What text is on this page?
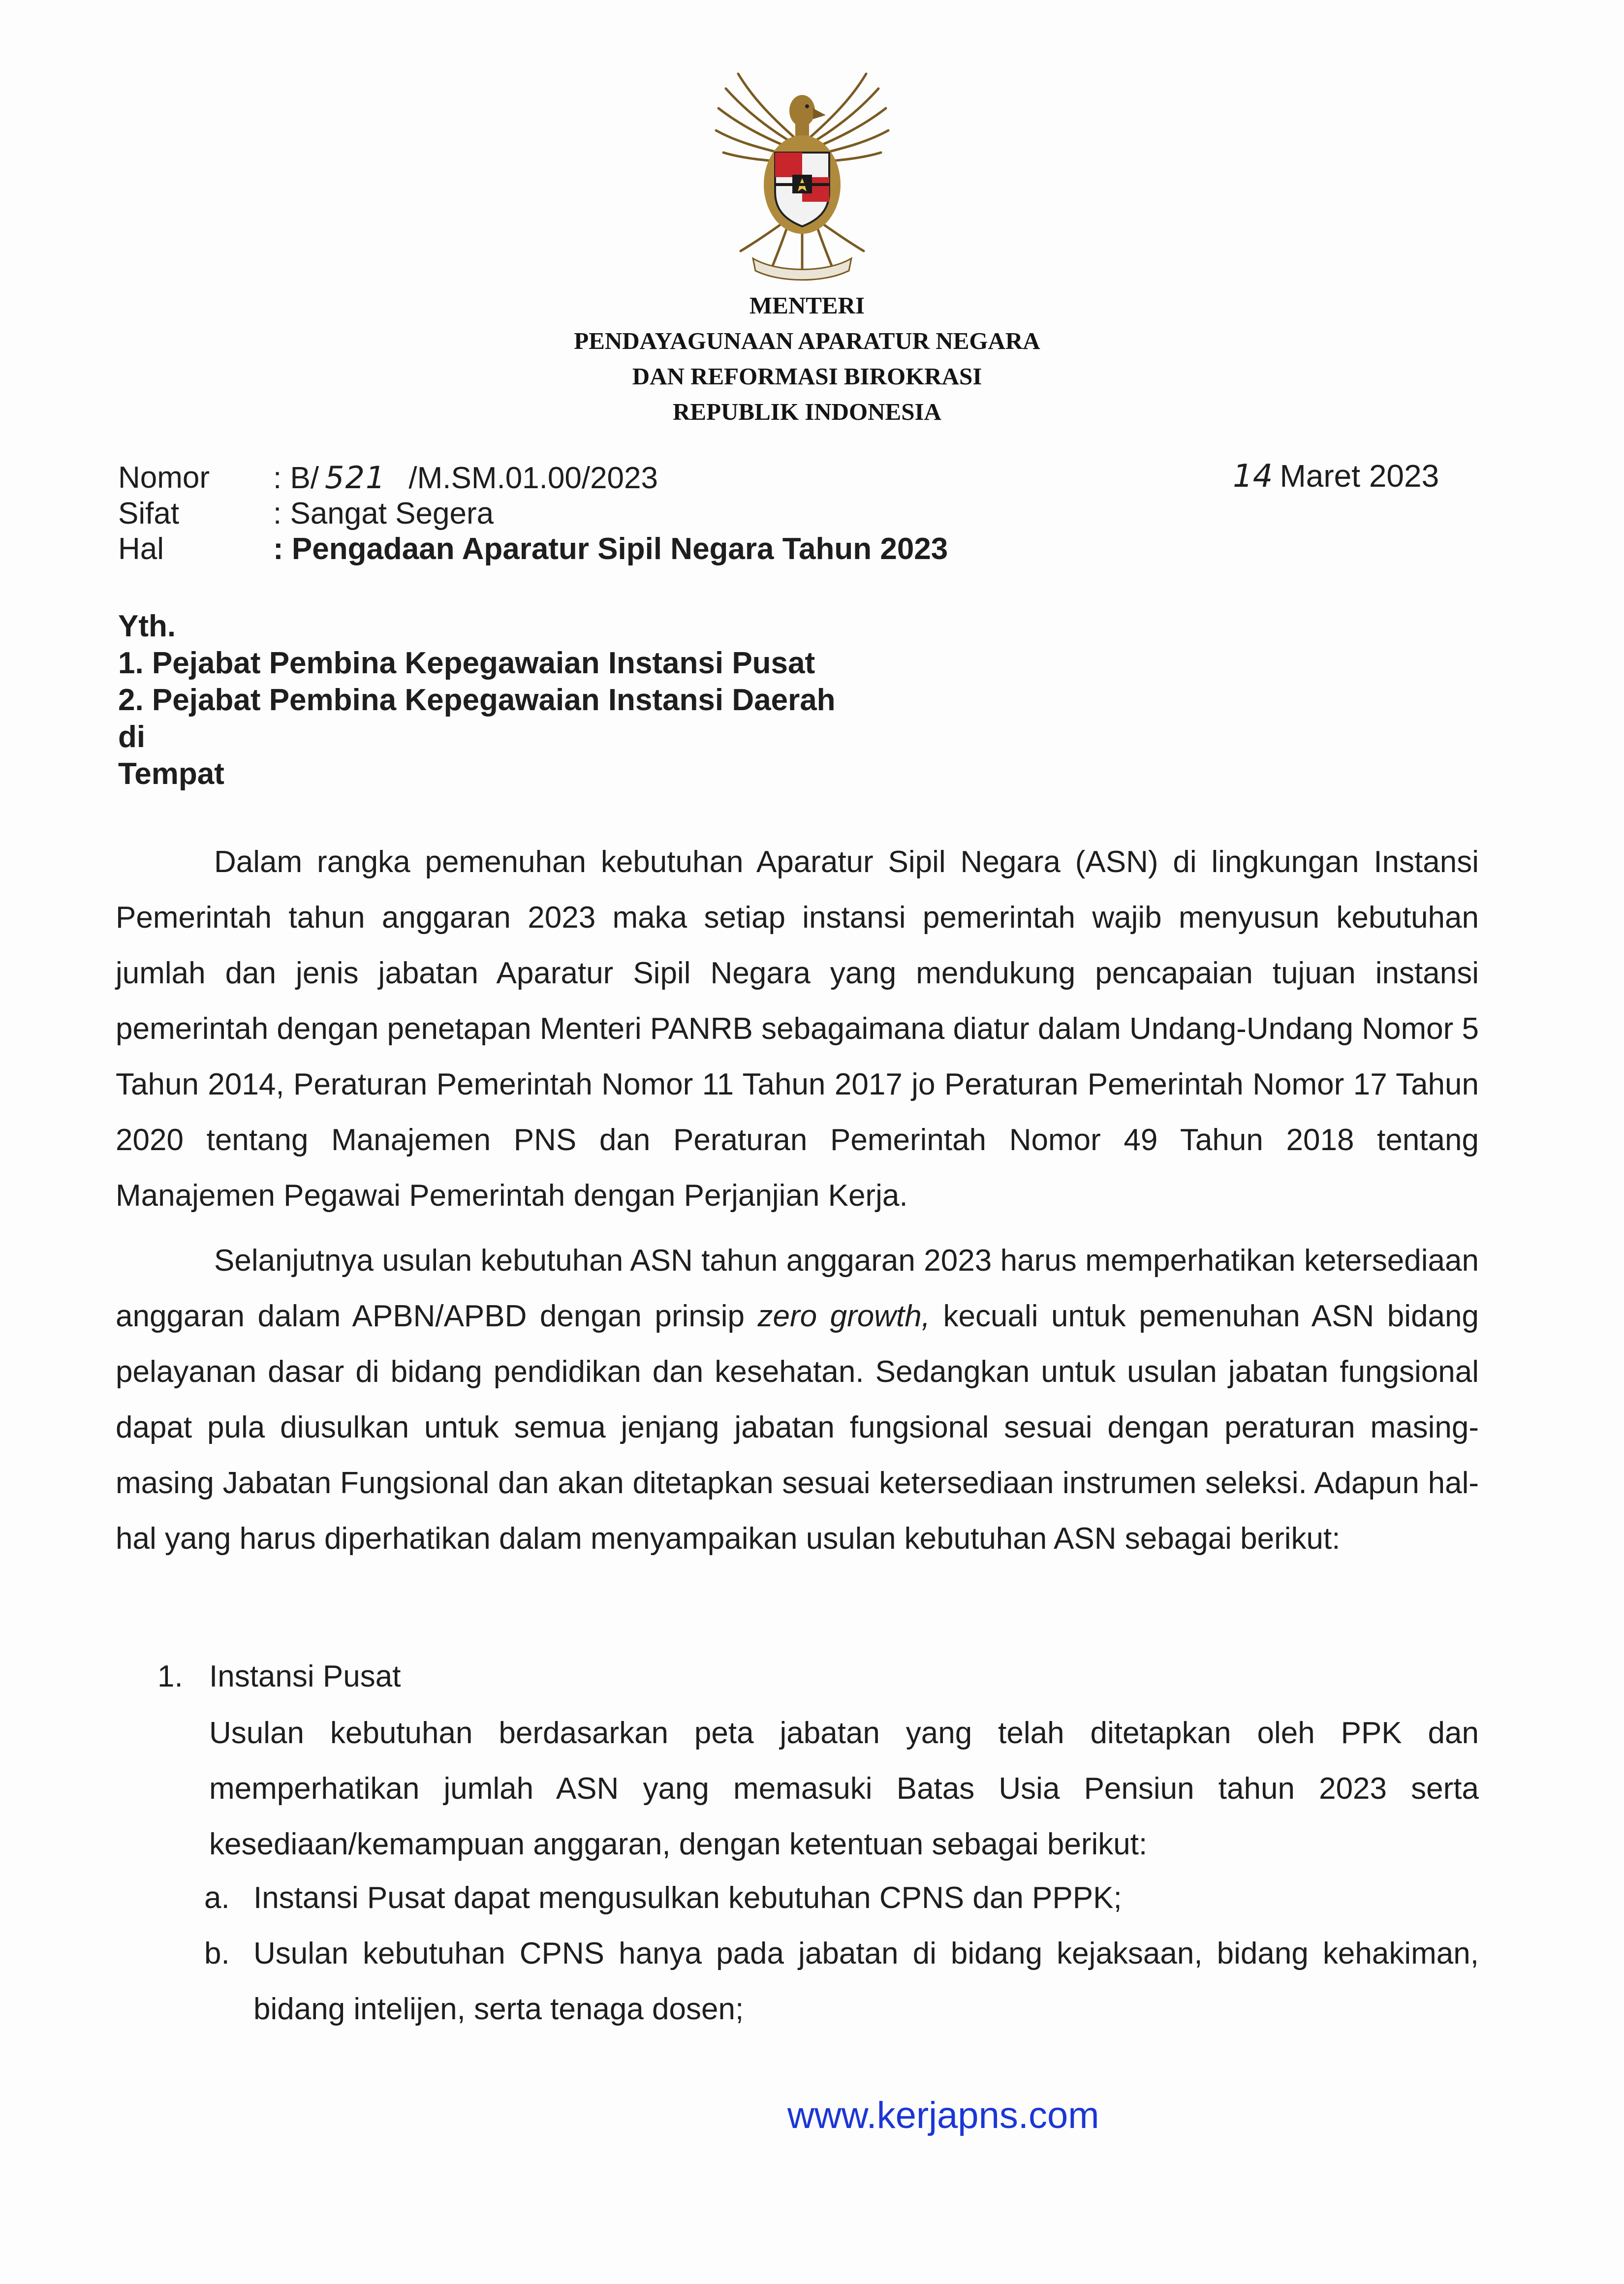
MENTERI
PENDAYAGUNAAN APARATUR NEGARA
DAN REFORMASI BIROKRASI
REPUBLIK INDONESIA
Nomor	: B/ 521 /M.SM.01.00/2023
Sifat	: Sangat Segera
Hal	: Pengadaan Aparatur Sipil Negara Tahun 2023
14 Maret 2023
Yth.
1. Pejabat Pembina Kepegawaian Instansi Pusat
2. Pejabat Pembina Kepegawaian Instansi Daerah
di
Tempat
Dalam rangka pemenuhan kebutuhan Aparatur Sipil Negara (ASN) di lingkungan Instansi Pemerintah tahun anggaran 2023 maka setiap instansi pemerintah wajib menyusun kebutuhan jumlah dan jenis jabatan Aparatur Sipil Negara yang mendukung pencapaian tujuan instansi pemerintah dengan penetapan Menteri PANRB sebagaimana diatur dalam Undang-Undang Nomor 5 Tahun 2014, Peraturan Pemerintah Nomor 11 Tahun 2017 jo Peraturan Pemerintah Nomor 17 Tahun 2020 tentang Manajemen PNS dan Peraturan Pemerintah Nomor 49 Tahun 2018 tentang Manajemen Pegawai Pemerintah dengan Perjanjian Kerja.
Selanjutnya usulan kebutuhan ASN tahun anggaran 2023 harus memperhatikan ketersediaan anggaran dalam APBN/APBD dengan prinsip zero growth, kecuali untuk pemenuhan ASN bidang pelayanan dasar di bidang pendidikan dan kesehatan. Sedangkan untuk usulan jabatan fungsional dapat pula diusulkan untuk semua jenjang jabatan fungsional sesuai dengan peraturan masing-masing Jabatan Fungsional dan akan ditetapkan sesuai ketersediaan instrumen seleksi. Adapun hal-hal yang harus diperhatikan dalam menyampaikan usulan kebutuhan ASN sebagai berikut:
1. Instansi Pusat
Usulan kebutuhan berdasarkan peta jabatan yang telah ditetapkan oleh PPK dan memperhatikan jumlah ASN yang memasuki Batas Usia Pensiun tahun 2023 serta kesediaan/kemampuan anggaran, dengan ketentuan sebagai berikut:
a. Instansi Pusat dapat mengusulkan kebutuhan CPNS dan PPPK;
b. Usulan kebutuhan CPNS hanya pada jabatan di bidang kejaksaan, bidang kehakiman, bidang intelijen, serta tenaga dosen;
www.kerjapns.com
